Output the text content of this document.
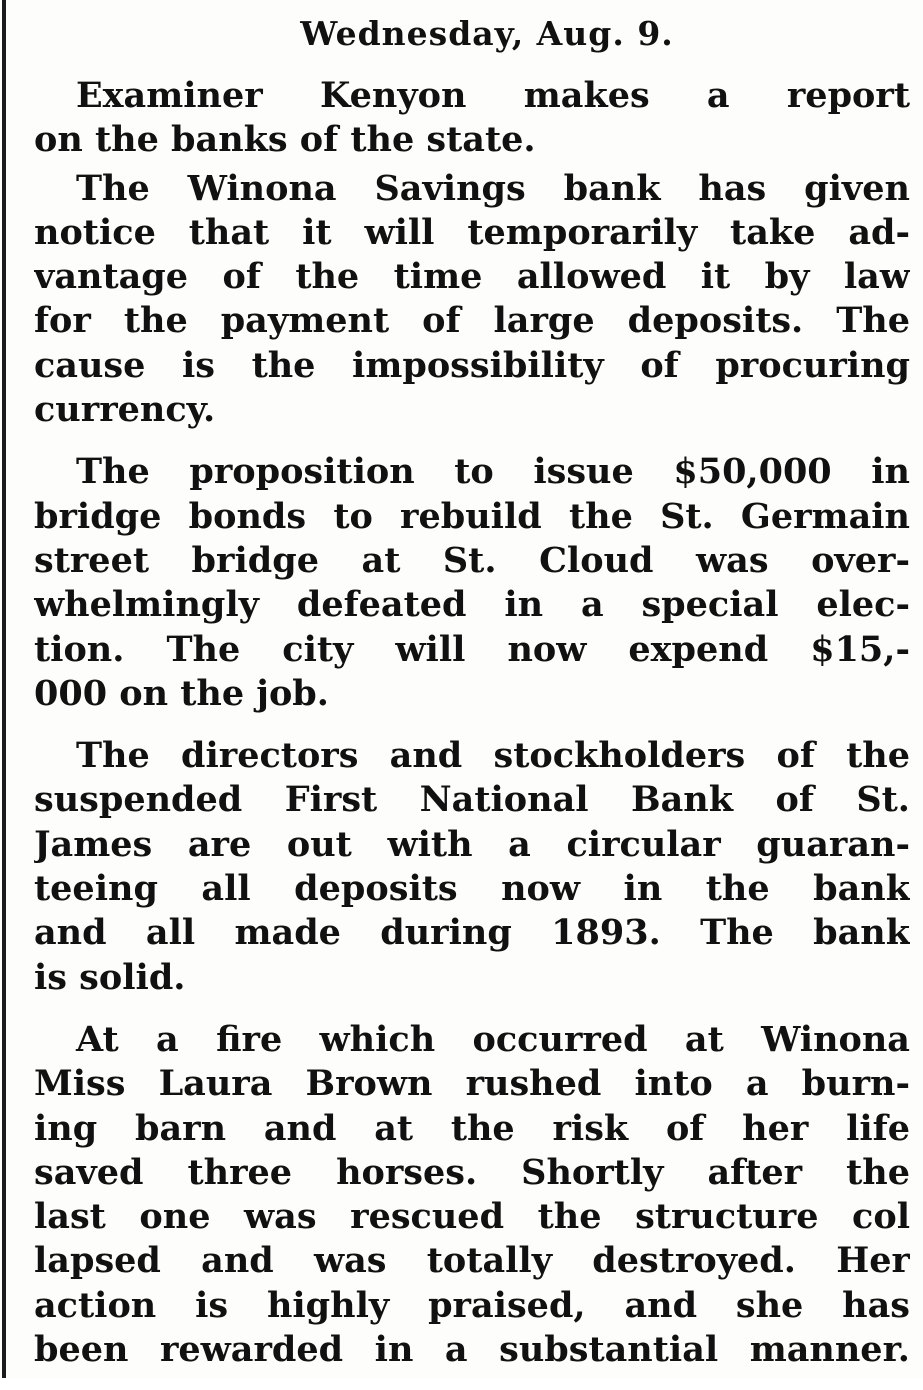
Wednesday, Aug. 9.
Examiner Kenyon makes a report
on the banks of the state.
The Winona Savings bank has given
notice that it will temporarily take ad-
vantage of the time allowed it by law
for the payment of large deposits. The
cause is the impossibility of procuring
currency.
The proposition to issue $50,000 in
bridge bonds to rebuild the St. Germain
street bridge at St. Cloud was over-
whelmingly defeated in a special elec-
tion. The city will now expend $15,-
000 on the job.
The directors and stockholders of the
suspended First National Bank of St.
James are out with a circular guaran-
teeing all deposits now in the bank
and all made during 1893. The bank
is solid.
At a fire which occurred at Winona
Miss Laura Brown rushed into a burn-
ing barn and at the risk of her life
saved three horses. Shortly after the
last one was rescued the structure col
lapsed and was totally destroyed. Her
action is highly praised, and she has
been rewarded in a substantial manner.
